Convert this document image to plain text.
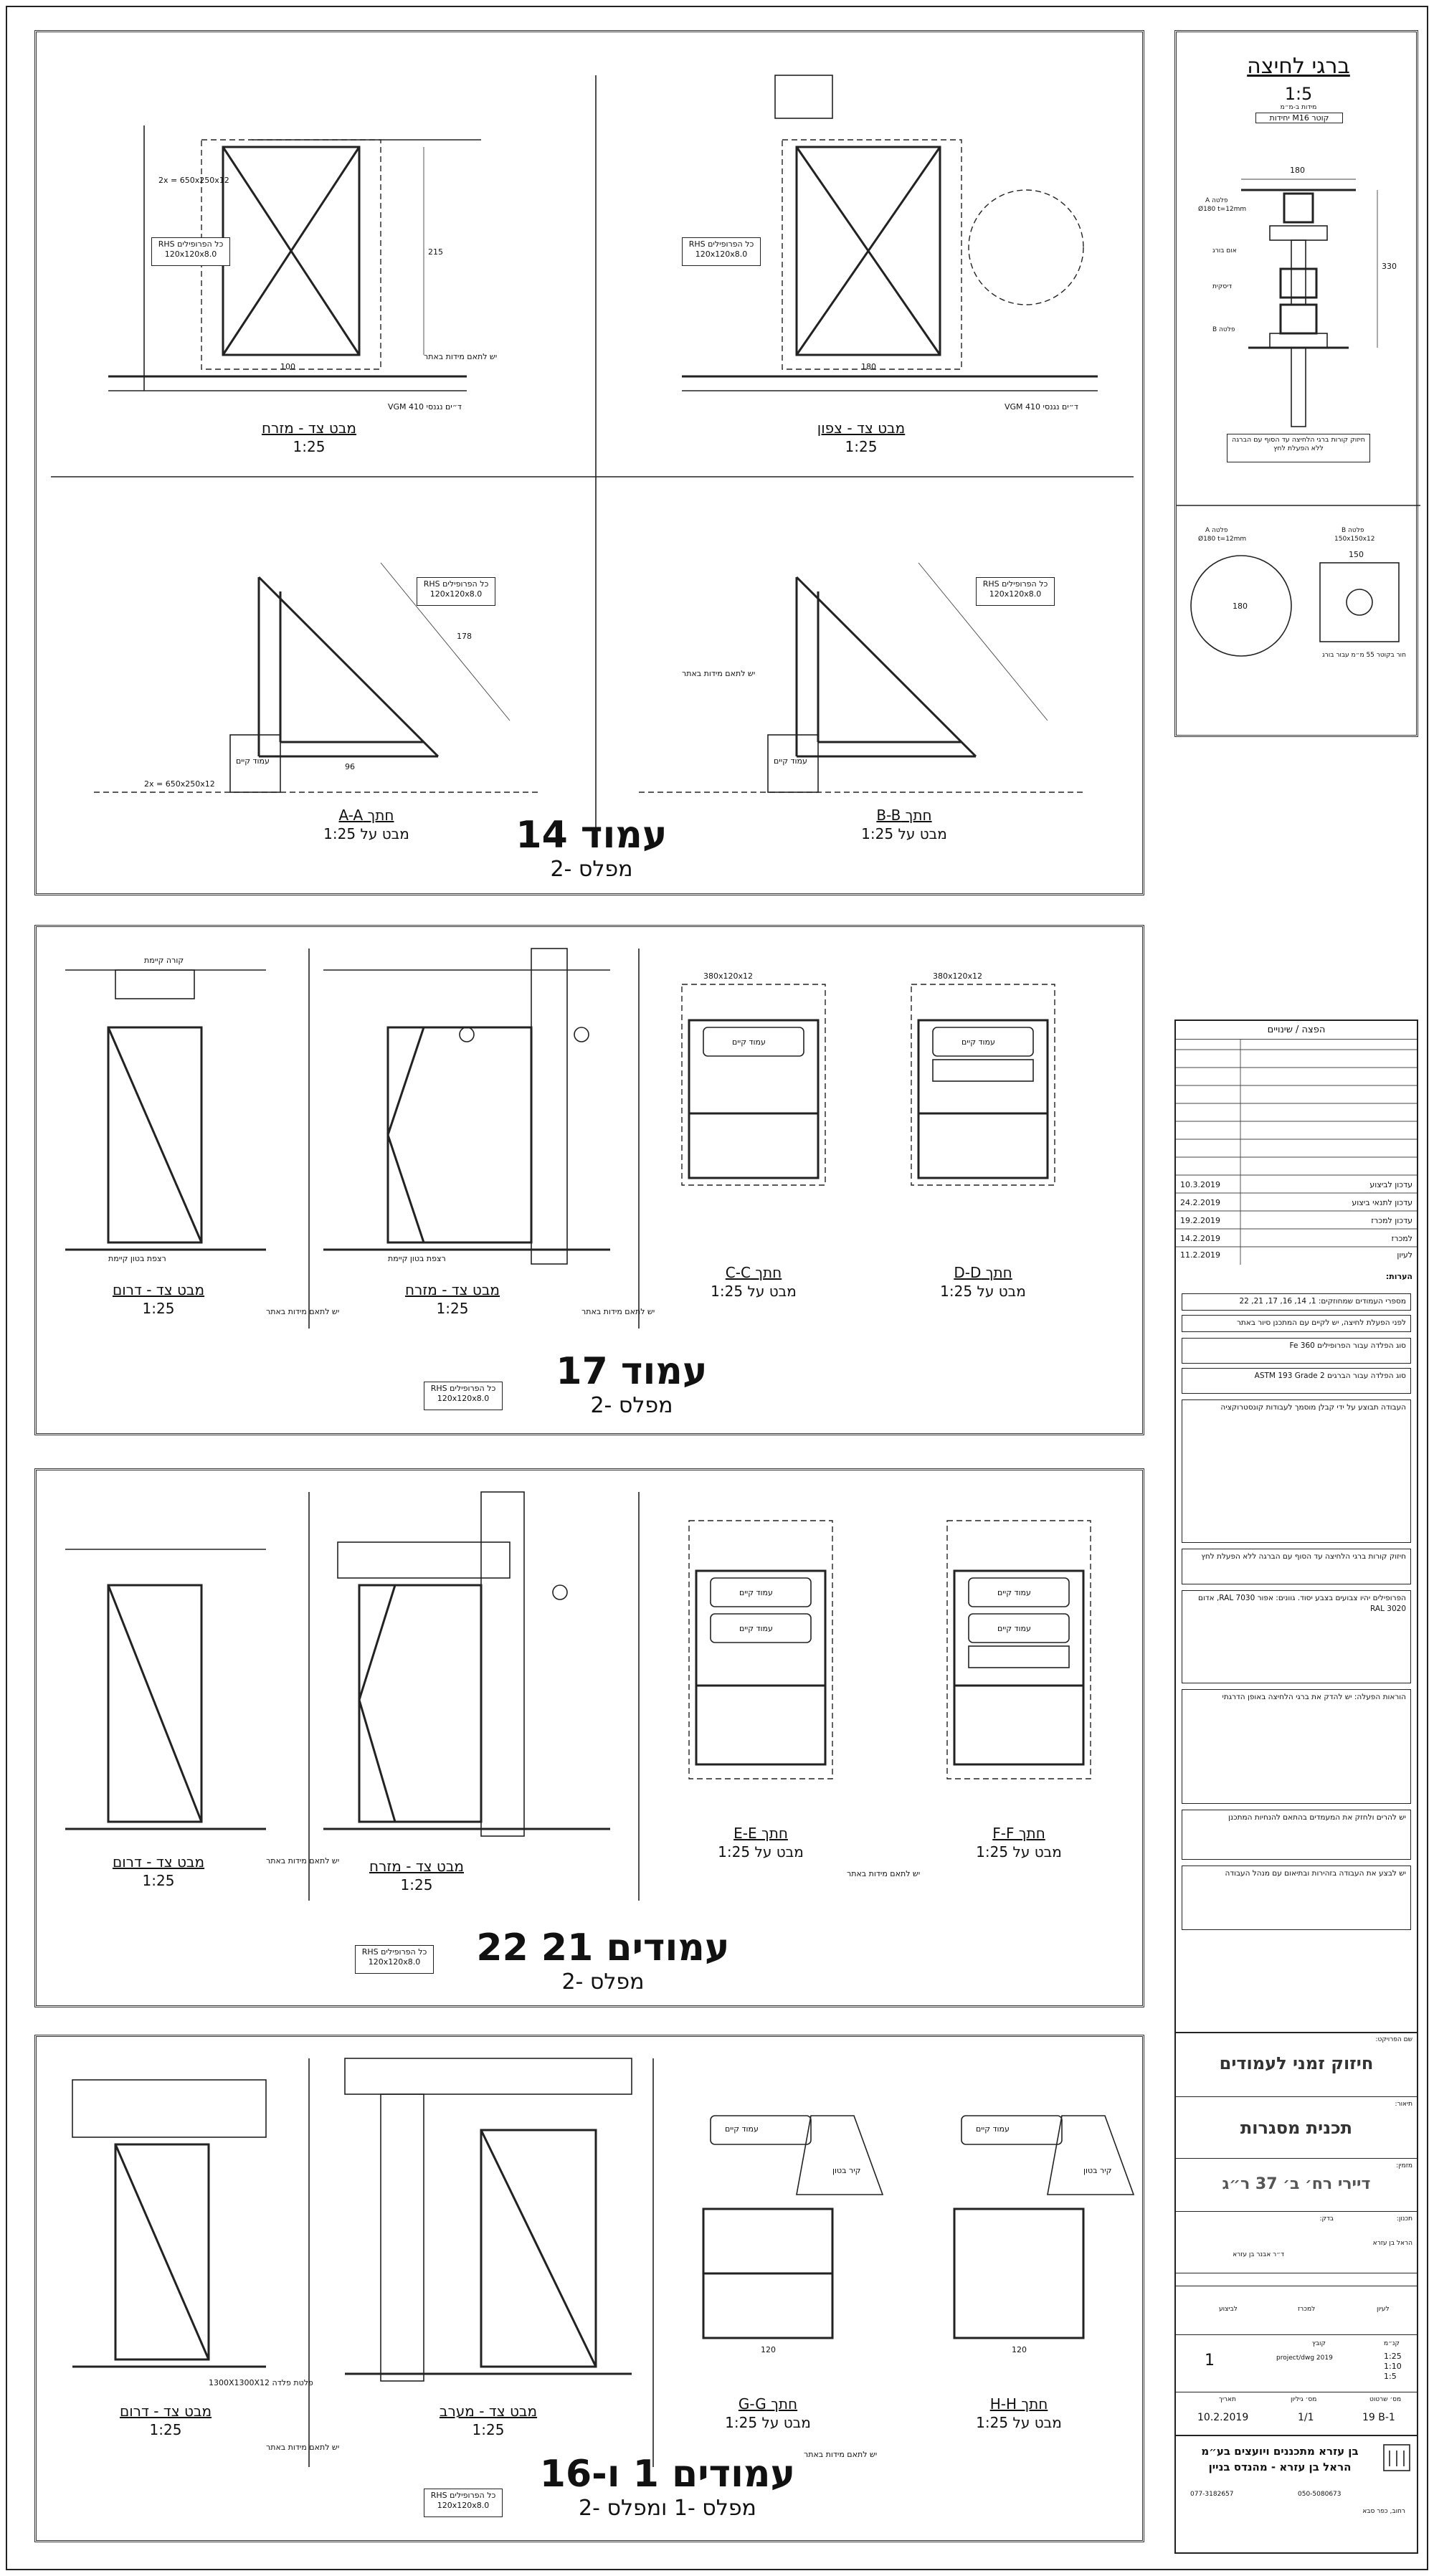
כל הפרופילים RHS 120x120x8.0
כל הפרופילים RHS 120x120x8.0
כל הפרופילים RHS 120x120x8.0
כל הפרופילים RHS 120x120x8.0
ד״ים נגנסי VGM 410	ד״ים נגנסי VGM 410
יש לתאם מידות באתר
יש לתאם מידות באתר
2x = 650x250x12
2x = 650x250x12
עמוד קיים	עמוד קיים
215
100	180
96
178
מבט צד - מזרח
1:25
מבט צד - צפון
1:25
חתך A-A
מבט על 1:25
חתך B-B
מבט על 1:25
עמוד 14
מפלס -2
קורה קיימת
רצפת בטון קיימת	רצפת בטון קיימת
עמוד קיים	עמוד קיים
380x120x12	380x120x12
יש לתאם מידות באתר	יש לתאם מידות באתר
מבט צד - דרום
1:25
מבט צד - מזרח
1:25
חתך C-C
מבט על 1:25
חתך D-D
מבט על 1:25
כל הפרופילים RHS 120x120x8.0
עמוד 17
מפלס -2
עמוד קיים
עמוד קיים
עמוד קיים
עמוד קיים
יש לתאם מידות באתר
יש לתאם מידות באתר
מבט צד - דרום
1:25
מבט צד - מזרח
1:25
חתך E-E
מבט על 1:25
חתך F-F
מבט על 1:25
כל הפרופילים RHS 120x120x8.0	עמודים 21 22
מפלס -2
עמוד קיים	עמוד קיים
קיר בטון	קיר בטון
פלטת פלדה 1300X1300X12
יש לתאם מידות באתר
יש לתאם מידות באתר
120	120
מבט צד - דרום
1:25
מבט צד - מערב
1:25
חתך G-G
מבט על 1:25
חתך H-H
מבט על 1:25
כל הפרופילים RHS 120x120x8.0
עמודים 1 ו-16
מפלס -1 ומפלס -2
ברגי לחיצה
1:5
מידות ב-מ״מ
קוטר M16 יחידות
180
330
פלטה A
Ø180 t=12mm
אום בורג
דיסקית
פלטה B
חיזוק קורות ברגי הלחיצה עד הסוף עם הברגה ללא הפעלת לחץ
פלטה A
Ø180 t=12mm
פלטה B
150x150x12
180
150
חור בקוטר 55 מ״מ עבור בורג
הפצה / שינויים
10.3.2019	עדכון לביצוע
24.2.2019	עדכון לתנאי ביצוע
19.2.2019	עדכון למכרז
14.2.2019	למכרז
11.2.2019	לעיון
הערות:
מספרי העמודים שמחוזקים: 1, 14, 16, 17, 21, 22
לפני הפעלת לחיצה, יש לקיים עם המתכנן סיור באתר
Fe 360 סוג הפלדה עבור הפרופילים
ASTM 193 Grade 2 סוג הפלדה עבור הברגים
העבודה תבוצע על ידי קבלן מוסמך לעבודות קונסטרוקציה
חיזוק קורות ברגי הלחיצה עד הסוף עם הברגה ללא הפעלת לחץ
הפרופילים יהיו צבועים בצבע יסוד. גוונים: אפור RAL 7030, אדום RAL 3020
הוראות הפעלה: יש להדק את ברגי הלחיצה באופן הדרגתי
יש להרים ולחזק את המעמדים בהתאם להנחיות המתכנן
יש לבצע את העבודה בזהירות ובתיאום עם מנהל העבודה
שם הפרויקט:
חיזוק זמני לעמודים
תיאור:
תכנית מסגרות
מזמין:
דיירי רח׳ ב׳ 37 ר״ג
תכנון:
הראל בן עזרא
בדק:
ד״ר אבנר בן עזרא
לעיון
למכרז
לביצוע
קנ״מ
1:25
1:10
1:5
קובץ
project/dwg 2019
1
מס׳ שרטוט
19 B-1
מס׳ גיליון
1/1
תאריך
10.2.2019
בן עזרא מתכננים ויועצים בע״מ
הראל בן עזרא - מהנדס בניין
050-5080673
077-3182657
רחוב, כפר סבא
